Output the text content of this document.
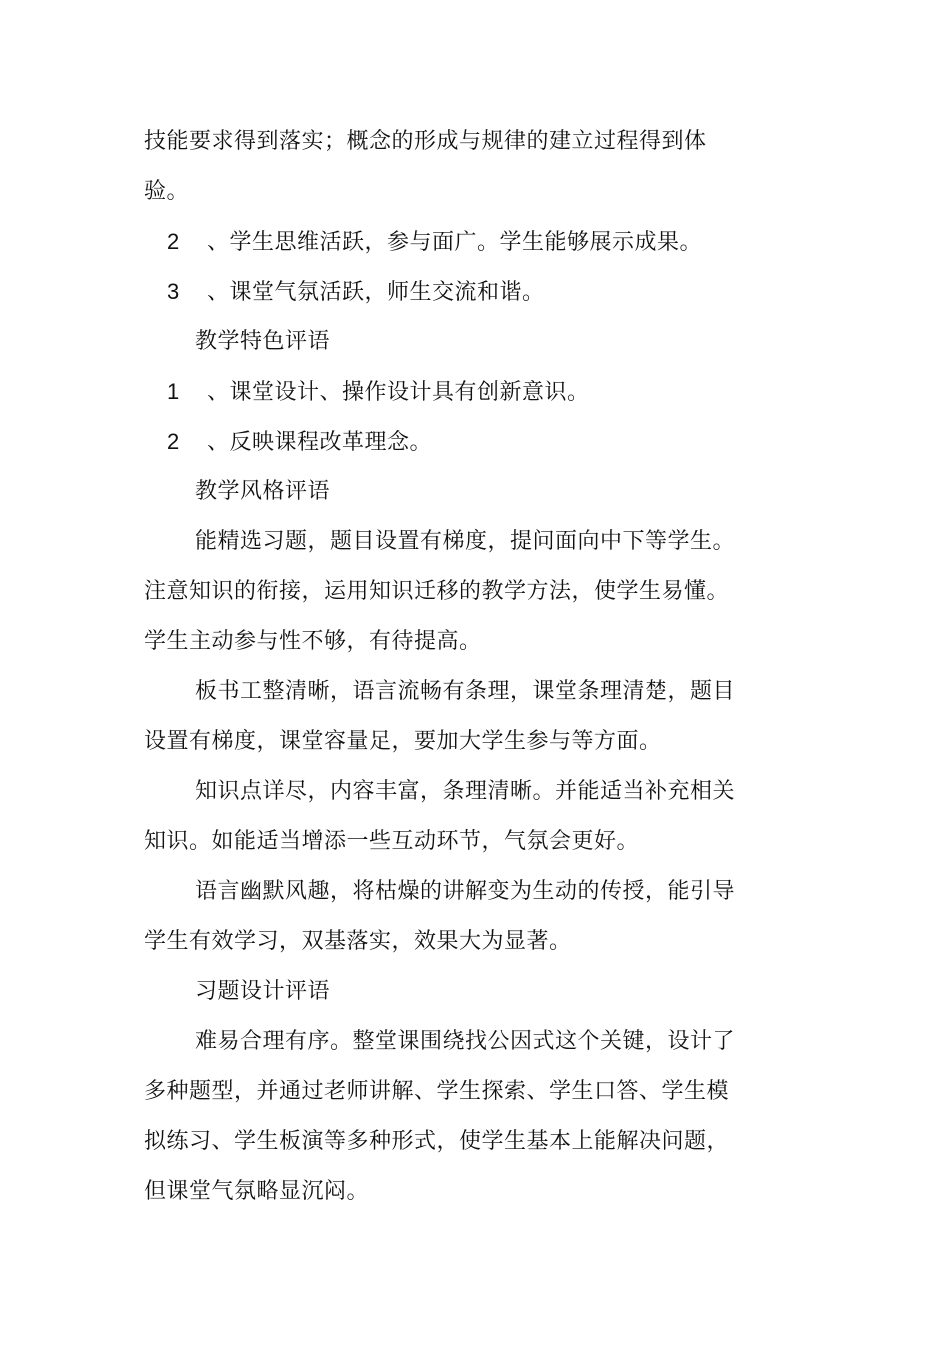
技能要求得到落实；概念的形成与规律的建立过程得到体
验。
2 、学生思维活跃，参与面广。学生能够展示成果。
3 、课堂气氛活跃，师生交流和谐。
教学特色评语
1 、课堂设计、操作设计具有创新意识。
2 、反映课程改革理念。
教学风格评语
能精选习题，题目设置有梯度，提问面向中下等学生。
注意知识的衔接，运用知识迁移的教学方法，使学生易懂。
学生主动参与性不够，有待提高。
板书工整清晰，语言流畅有条理，课堂条理清楚，题目
设置有梯度，课堂容量足，要加大学生参与等方面。
知识点详尽，内容丰富，条理清晰。并能适当补充相关
知识。如能适当增添一些互动环节，气氛会更好。
语言幽默风趣，将枯燥的讲解变为生动的传授，能引导
学生有效学习，双基落实，效果大为显著。
习题设计评语
难易合理有序。整堂课围绕找公因式这个关键，设计了
多种题型，并通过老师讲解、学生探索、学生口答、学生模
拟练习、学生板演等多种形式，使学生基本上能解决问题，
但课堂气氛略显沉闷。
